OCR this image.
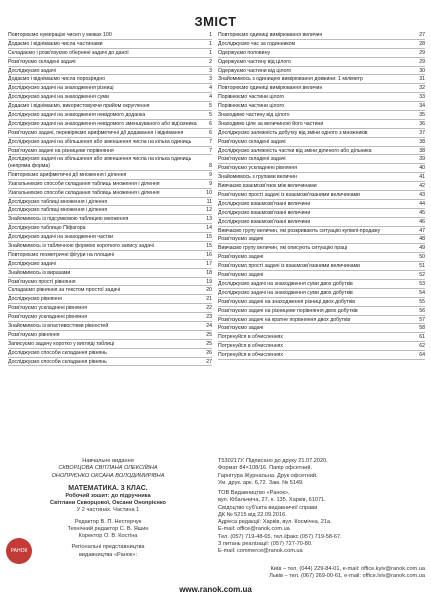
ЗМІСТ
Повторюємо нумерацію чисел у межах 100	1
Додаємо і віднімаємо числа частинами	1
Складаємо і розв'язуємо обернені задачі до даної	1
Розв'язуємо складені задачі	2
Досліджуємо задачі	3
Додаємо і віднімаємо числа порозрядно	3
Досліджуємо задачі на знаходження різниці	4
Досліджуємо задачі на знаходження суми	4
Додаємо і віднімаємо, використовуючи прийом округлення	5
Досліджуємо задачі на знаходження невідомого доданка	5
Досліджуємо задачі на знаходження невідомого зменшуваного або від'ємника	6
Розв'язуємо задачі, перевіряємо арифметичні дії додавання і віднімання	6
Досліджуємо задачі на збільшення або зменшення числа на кілька одиниць	7
Розв'язуємо задачі на різницеве порівняння	7
Досліджуємо задачі на збільшення або зменшення числа на кілька одиниць (непряма форма)	8
Повторюємо арифметичні дії множення і ділення	9
Узагальнюємо способи складання таблиць множення і ділення	9
Узагальнюємо способи складання таблиць множення і ділення	10
Досліджуємо таблиці множення і ділення	11
Досліджуємо таблиці множення і ділення	12
Знайомимось із підсумковою таблицею множення	13
Досліджуємо таблицю Піфагора	14
Досліджуємо задачі на знаходження частки	15
Знайомимось із табличною формою короткого запису задачі	15
Повторюємо геометричні фігури на площині	16
Досліджуємо задачі	17
Знайомимось із виразами	18
Розв'язуємо прості рівняння	19
Складаємо рівняння за текстом простої задачі	20
Досліджуємо рівняння	21
Розв'язуємо ускладнені рівняння	22
Розв'язуємо ускладнені рівняння	23
Знайомимось із властивостями рівностей	24
Розв'язуємо рівняння	25
Записуємо задачу коротко у вигляді таблиці	25
Досліджуємо способи складання рівнянь	26
Досліджуємо способи складання рівнянь	27
Повторюємо одиниці вимірювання величин	27
Досліджуємо час за годинником	28
Одержуємо половину	29
Одержуємо частину від цілого	29
Одержуємо частини від цілого	30
Знайомимось з одиницею вимірювання довжини: 1 міліметр	31
Повторюємо одиниці вимірювання величин	32
Порівнюємо частини цілого	33
Порівнюємо частини цілого	34
Знаходимо частину від цілого	35
Знаходимо ціле за величиною його частини	36
Досліджуємо залежність добутку від зміни одного з множників	37
Розв'язуємо складені задачі	38
Досліджуємо залежність частки від зміни діленого або дільника	38
Розв'язуємо складені задачі	39
Розв'язуємо ускладнені рівняння	40
Знайомимось з групами величин	41
Вивчаємо взаємозв'язок між величинами	42
Розв'язуємо прості задачі із взаємозв'язаними величинами	43
Досліджуємо взаємозв'язані величини	44
Досліджуємо взаємозв'язані величини	45
Досліджуємо взаємозв'язані величини	46
Вивчаємо групу величин, які розкривають ситуацію купівлі-продажу	47
Розв'язуємо задачі	48
Вивчаємо групу величин, які описують ситуацію праці	49
Розв'язуємо задачі	50
Розв'язуємо прості задачі із взаємозв'язаними величинами	51
Розв'язуємо задачі	52
Досліджуємо задачі на знаходження суми двох добутків	53
Досліджуємо задачі на знаходження суми двох добутків	54
Розв'язуємо задачі на знаходження різниці двох добутків	55
Розв'язуємо задачі на різницеве порівняння двох добутків	56
Розв'язуємо задачі на кратне порівняння двох добутків	57
Розв'язуємо задачі	58
Потренуйся в обчисленнях	61
Потренуйся в обчисленнях	62
Потренуйся в обчисленнях	64
Навчальне видання
СКВОРЦОВА СВІТЛАНА ОЛЕКСІЇВНА
ОНОПРІЄНКО ОКСАНА ВОЛОДИМИРІВНА
МАТЕМАТИКА. 3 КЛАС.
Робочий зошит: до підручника
Світлани Скворцової, Оксани Онопрієнко
У 2 частинах. Частина 1
Редактор В. П. Нестерчук
Технічний редактор С. В. Яшин
Коректор О. В. Костіна
Регіональні представництва
видавництва «Ранок»:
Т530217У. Підписано до друку 21.07.2020.
Формат 84×108/16. Папір офсетний.
Гарнітура Журнальна. Друк офсетний.
Ум. друк. арк. 6,72. Зам. № 5149.
ТОВ Видавництво «Ранок»,
вул. Кібальчича, 27, к. 135, Харків, 61071.
Свідоцтво суб'єкта видавничої справи
ДК № 5215 від 22.09.2016.
Адреса редакції: Харків, вул. Космічна, 21а.
E-mail: office@ranok.com.ua
Тел. (057) 719-48-65, тел./факс (057) 719-58-67.
З питань реалізації: (057) 727-70-80.
E-mail: commerce@ranok.com.ua
РАНОК
Київ – тел. (044) 229-84-01, e-mail: office.kyiv@ranok.com.ua
Львів – тел. (067) 269-00-61, e-mail: office.lviv@ranok.com.ua
www.ranok.com.ua
